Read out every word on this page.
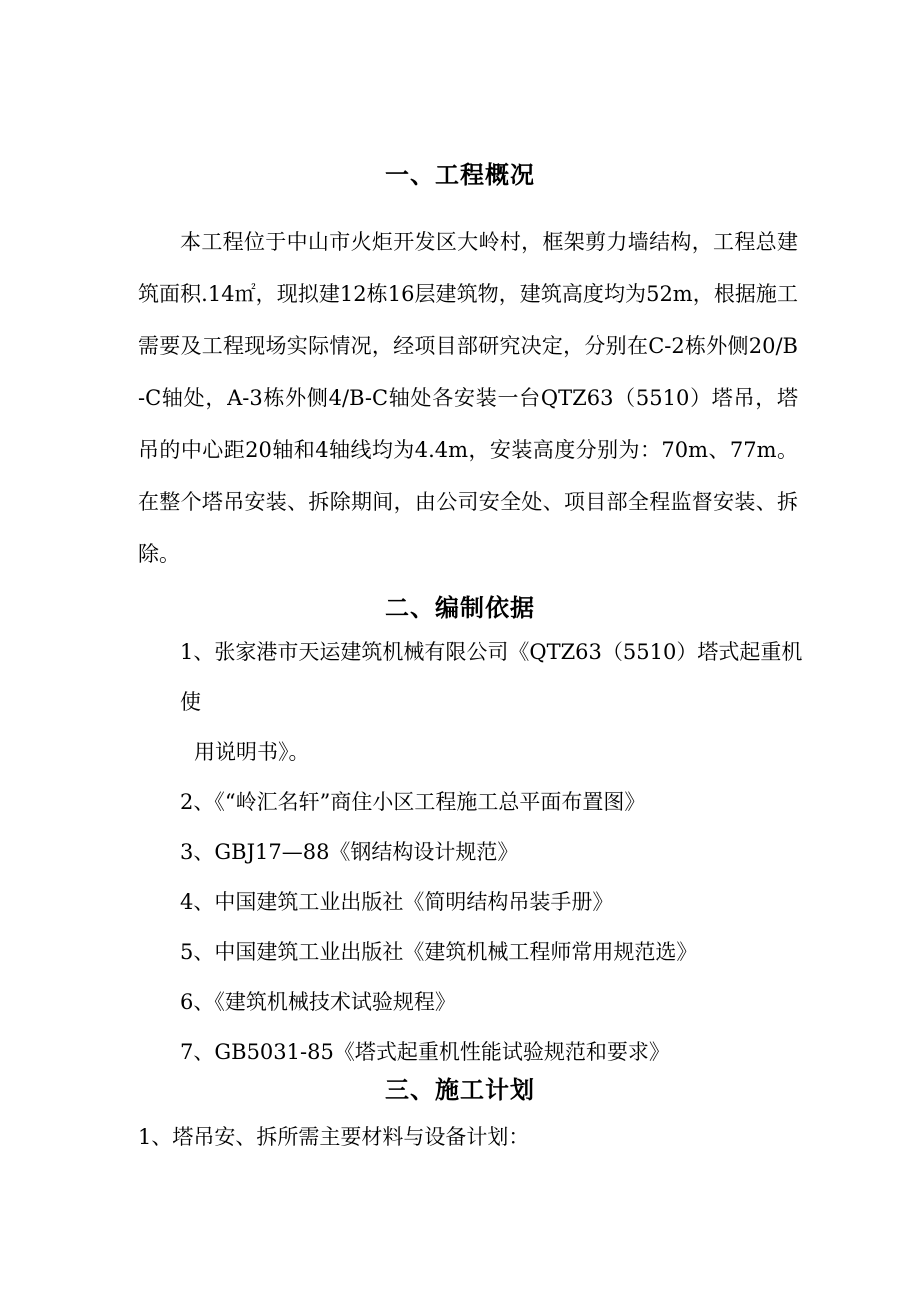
一、工程概况

本工程位于中山市火炬开发区大岭村，框架剪力墙结构，工程总建筑面积.14㎡，现拟建12栋16层建筑物，建筑高度均为52m，根据施工需要及工程现场实际情况，经项目部研究决定，分别在C-2栋外侧20/B-C轴处，A-3栋外侧4/B-C轴处各安装一台QTZ63（5510）塔吊，塔吊的中心距20轴和4轴线均为4.4m，安装高度分别为：70m、77m。在整个塔吊安装、拆除期间，由公司安全处、项目部全程监督安装、拆除。

二、编制依据
1、张家港市天运建筑机械有限公司《QTZ63（5510）塔式起重机使
用说明书》。
2、《“岭汇名轩”商住小区工程施工总平面布置图》
3、GBJ17—88《钢结构设计规范》
4、中国建筑工业出版社《简明结构吊装手册》
5、中国建筑工业出版社《建筑机械工程师常用规范选》
6、《建筑机械技术试验规程》
7、GB5031-85《塔式起重机性能试验规范和要求》
三、施工计划

1、塔吊安、拆所需主要材料与设备计划：
